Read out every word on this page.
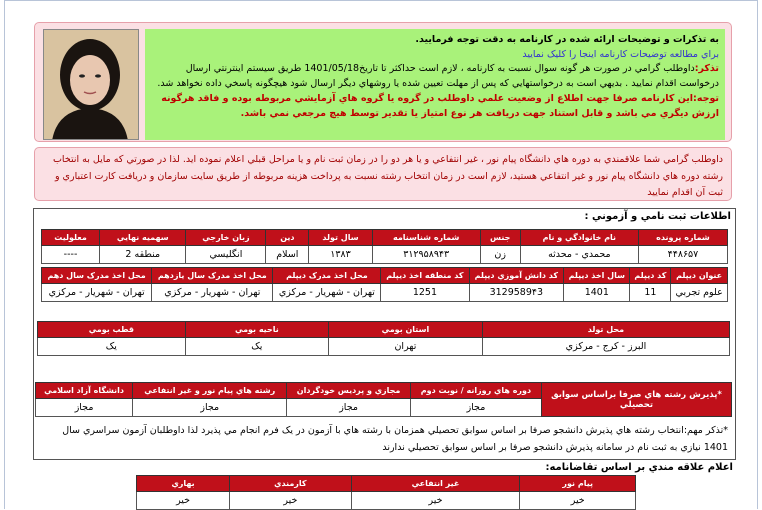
به تذكرات و توضيحات ارائه شده در كارنامه به دقت توجه فرماييد.
براي مطالعه توضيحات كارنامه اينجا را كليک نماييد
تذكر:داوطلب گرامي در صورت هر گونه سوال نسبت به كارنامه ، لازم است حداكثر تا تاريخ1401/05/18 طريق سيستم اينترنتي ارسال درخواست اقدام نماييد . بديهي است به درخواستهايي كه پس از مهلت تعيين شده يا روشهاي ديگر ارسال شود هيچگونه پاسخي داده نخواهد شد.
توجه:اين كارنامه صرفا جهت اطلاع از وضعيت علمي داوطلب در گروه يا گروه هاي آزمايشي مربوطه بوده و فاقد هرگونه ارزش ديگري مي باشد و قابل استناد جهت دريافت هر نوع امتياز يا تقدير توسط هيچ مرجعي نمي باشد.
داوطلب گرامي شما علاقمندي به دوره هاي دانشگاه پيام نور ، غير انتفاعي و يا هر دو را در زمان ثبت نام و يا مراحل قبلي اعلام نموده ايد. لذا در صورتي كه مايل به انتخاب رشته دوره هاي دانشگاه پيام نور و غير انتفاعي هستيد، لازم است در زمان انتخاب رشته نسبت به پرداخت هزينه مربوطه از طريق سايت سازمان و دريافت كارت اعتباري و ثبت آن اقدام نماييد
اطلاعات ثبت نامي و آزموني :
شماره پرونده	نام خانوادگي و نام	جنس	شماره شناسنامه	سال تولد	دين	زبان خارجي	سهميه نهايي	معلوليت
۴۴۸۶۵۷	محمدي - محدثه	زن	۳۱۲۹۵۸۹۴۳	۱۳۸۳	اسلام	انگليسي	منطقه 2	----
عنوان ديپلم	كد ديپلم	سال اخذ ديپلم	كد دانش آموزي ديپلم	كد منطقه اخذ ديپلم	محل اخذ مدرک ديپلم	محل اخذ مدرک سال يازدهم	محل اخذ مدرک سال دهم
علوم تجربي	11	1401	3129589۴3	1251	تهران - شهريار - مركزي	تهران - شهريار - مركزي	تهران - شهريار - مركزي
محل تولد	استان بومي	ناحيه بومي	قطب بومي
البرز - كرج - مركزي	تهران	يک	يک
*پذيرش رشته هاي صرفا براساس سوابق تحصيلي	دوره هاي روزانه / نوبت دوم	مجازي و پرديس خودگردان	رشته هاي پيام نور و غير انتفاعي	دانشگاه آزاد اسلامي
	مجاز	مجاز	مجاز	مجاز
*تذكر مهم:انتخاب رشته هاي پذيرش دانشجو صرفا بر اساس سوابق تحصيلي همزمان با رشته هاي با آزمون در يک فرم انجام مي پذيرد لذا داوطلبان آزمون سراسري سال 1401 نيازي به ثبت نام در سامانه پذيرش دانشجو صرفا بر اساس سوابق تحصيلي ندارند
اعلام علاقه مندي بر اساس تقاضانامه:
پيام نور	غير انتفاعي	كارمندي	بهاري
خير	خير	خير	خير
